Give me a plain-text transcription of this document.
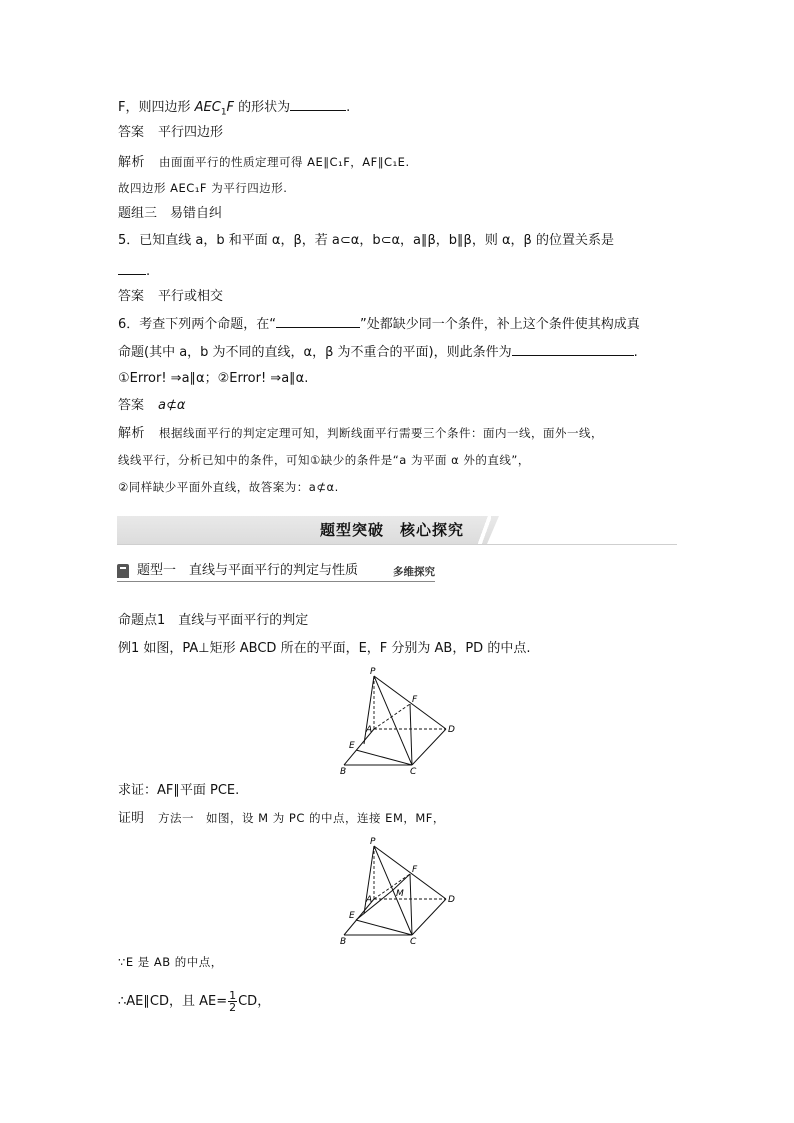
F，则四边形 $AEC_1F$ 的形状为	.
答案 平行四边形
解析 由面面平行的性质定理可得 AE∥C₁F，AF∥C₁E.
故四边形 AEC₁F 为平行四边形.
题组三　易错自纠
5．已知直线 a，b 和平面 α，β，若 a⊂α，b⊂α，a∥β，b∥β，则 α，β 的位置关系是
.
答案 平行或相交
6．考查下列两个命题，在“	”处都缺少同一个条件，补上这个条件使其构成真
命题(其中 a，b 为不同的直线，α，β 为不重合的平面)，则此条件为	.
①Error! ⇒a∥α；②Error! ⇒a∥α.
答案 a⊄α
解析 根据线面平行的判定定理可知，判断线面平行需要三个条件：面内一线，面外一线，
线线平行，分析已知中的条件，可知①缺少的条件是“a 为平面 α 外的直线”，
②同样缺少平面外直线，故答案为：a⊄α.
题型突破　核心探究
题型一　直线与平面平行的判定与性质	多维探究
命题点1　直线与平面平行的判定
例1 如图，PA⊥矩形 ABCD 所在的平面，E，F 分别为 AB，PD 的中点.
P
F
A	D
E
B	C
求证：AF∥平面 PCE.
证明 方法一　如图，设 M 为 PC 的中点，连接 EM，MF，
P
F
M
A	D
E
B	C
∵E 是 AB 的中点，
∴AE∥CD，且 $AE= \frac{1}{2}$ CD，
